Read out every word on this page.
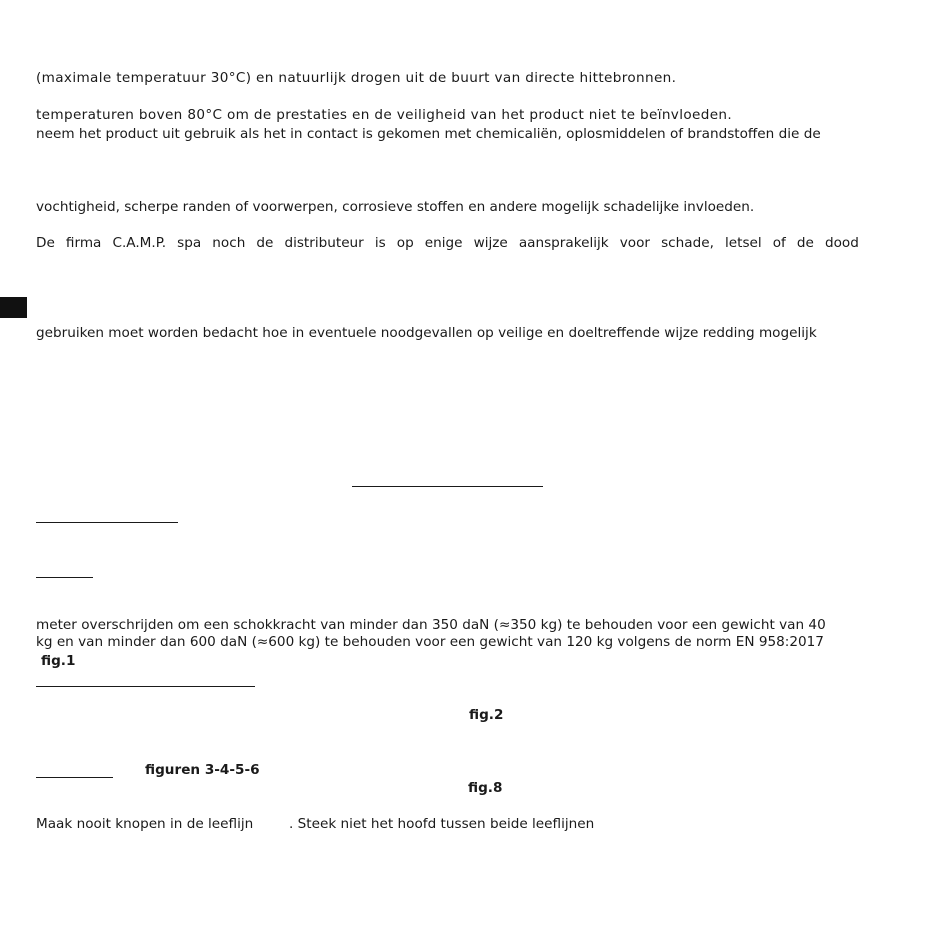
(maximale temperatuur 30°C) en natuurlijk drogen uit de buurt van directe hittebronnen.
temperaturen boven 80°C om de prestaties en de veiligheid van het product niet te beïnvloeden.
neem het product uit gebruik als het in contact is gekomen met chemicaliën, oplosmiddelen of brandstoffen die de
vochtigheid, scherpe randen of voorwerpen, corrosieve stoffen en andere mogelijk schadelijke invloeden.
De firma C.A.M.P. spa noch de distributeur is op enige wijze aansprakelijk voor schade, letsel of de dood
gebruiken moet worden bedacht hoe in eventuele noodgevallen op veilige en doeltreffende wijze redding mogelijk
meter overschrijden om een schokkracht van minder dan 350 daN (≈350 kg) te behouden voor een gewicht van 40
kg en van minder dan 600 daN (≈600 kg) te behouden voor een gewicht van 120 kg volgens de norm EN 958:2017
fig.1
fig.2
figuren 3-4-5-6
fig.8
Maak nooit knopen in de leeflijn	. Steek niet het hoofd tussen beide leeflijnen
